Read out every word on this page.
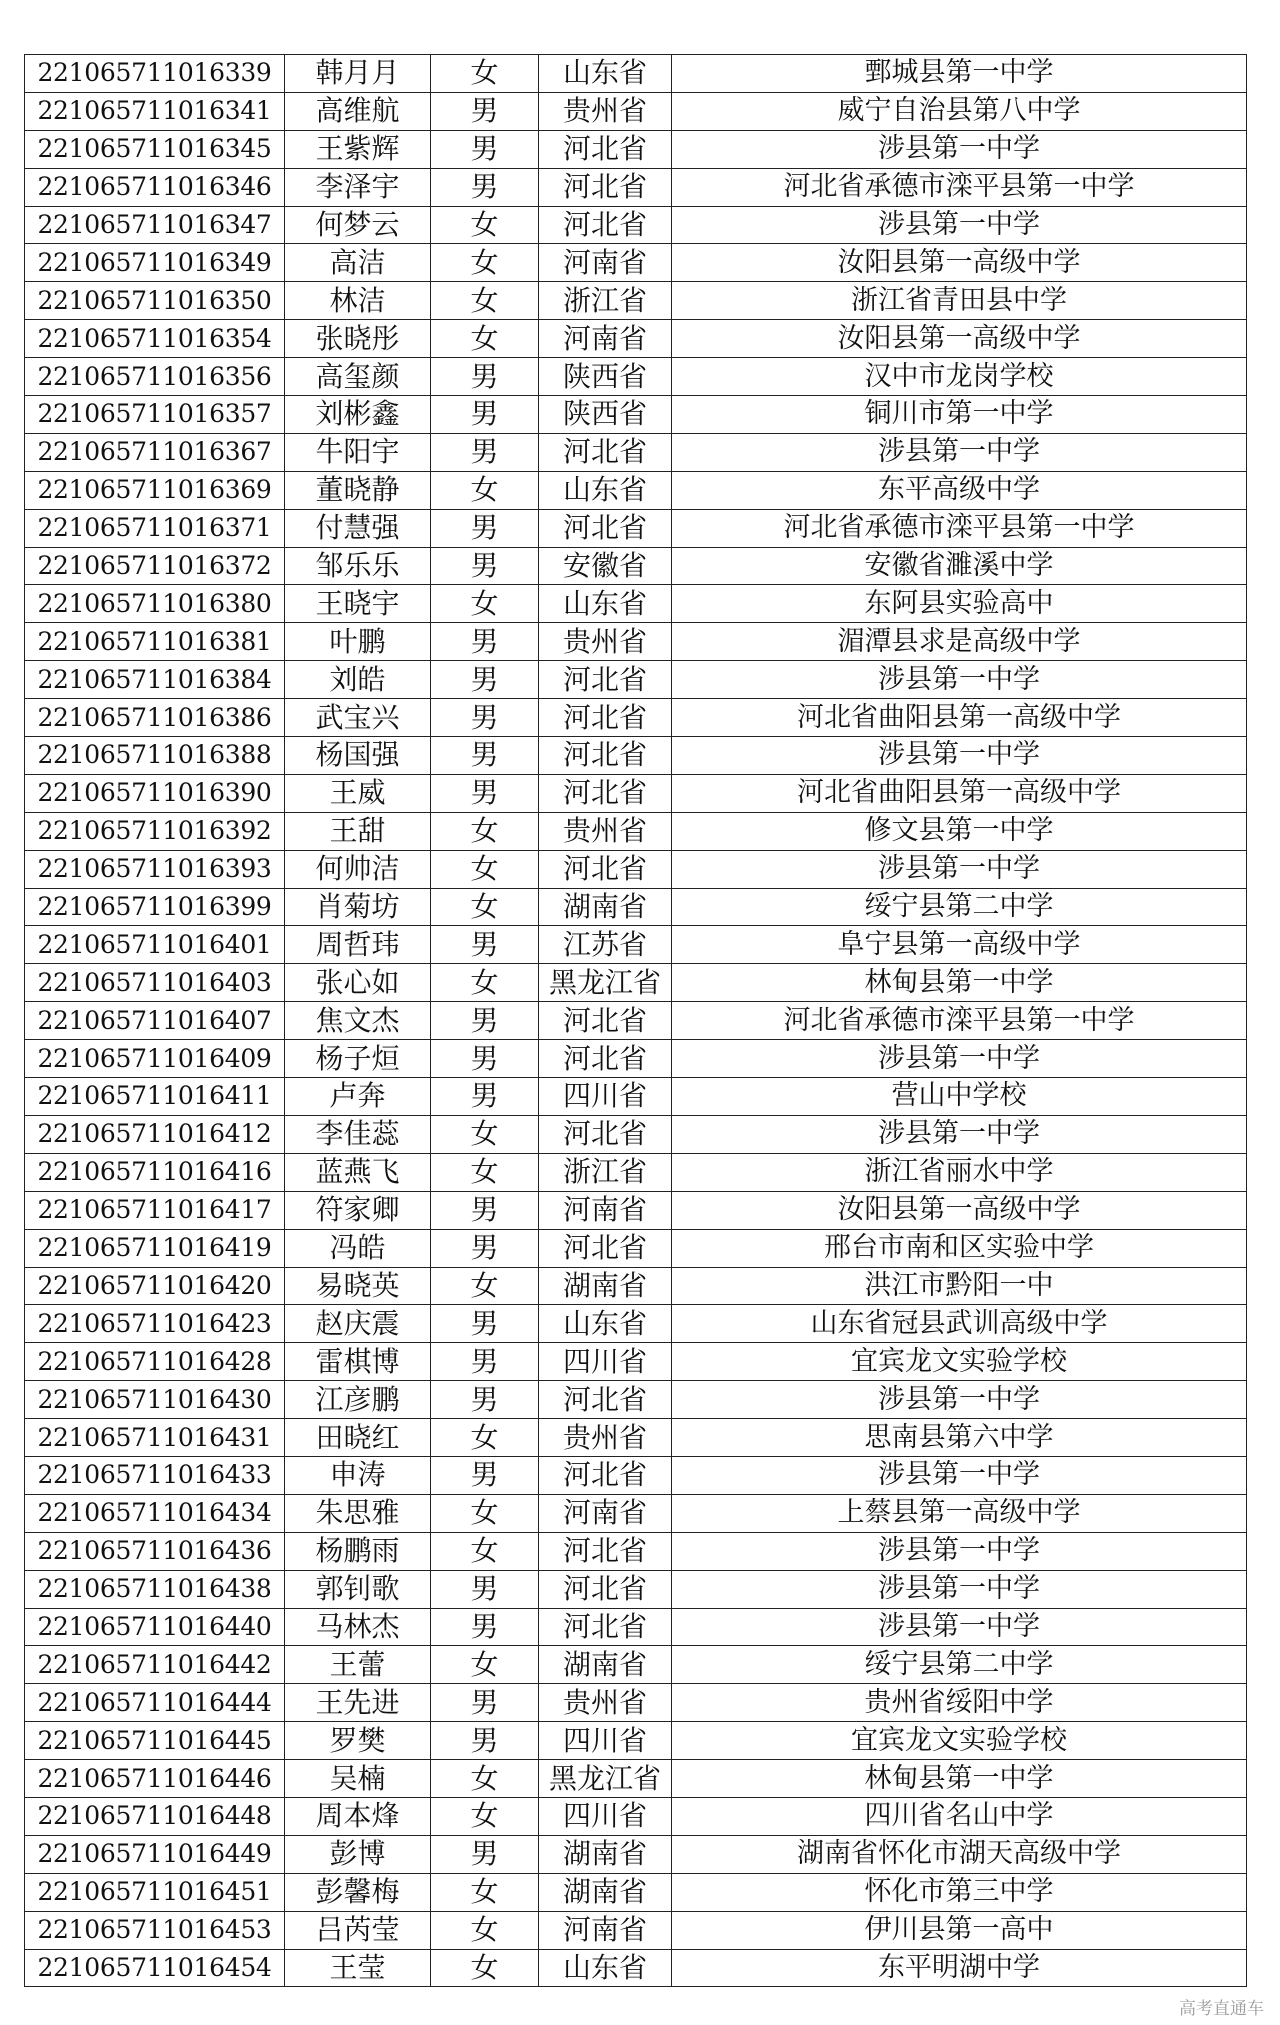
221065711016339	韩月月	女	山东省	鄄城县第一中学
221065711016341	高维航	男	贵州省	威宁自治县第八中学
221065711016345	王紫辉	男	河北省	涉县第一中学
221065711016346	李泽宇	男	河北省	河北省承德市滦平县第一中学
221065711016347	何梦云	女	河北省	涉县第一中学
221065711016349	高洁	女	河南省	汝阳县第一高级中学
221065711016350	林洁	女	浙江省	浙江省青田县中学
221065711016354	张晓彤	女	河南省	汝阳县第一高级中学
221065711016356	高玺颜	男	陕西省	汉中市龙岗学校
221065711016357	刘彬鑫	男	陕西省	铜川市第一中学
221065711016367	牛阳宇	男	河北省	涉县第一中学
221065711016369	董晓静	女	山东省	东平高级中学
221065711016371	付慧强	男	河北省	河北省承德市滦平县第一中学
221065711016372	邹乐乐	男	安徽省	安徽省濉溪中学
221065711016380	王晓宇	女	山东省	东阿县实验高中
221065711016381	叶鹏	男	贵州省	湄潭县求是高级中学
221065711016384	刘皓	男	河北省	涉县第一中学
221065711016386	武宝兴	男	河北省	河北省曲阳县第一高级中学
221065711016388	杨国强	男	河北省	涉县第一中学
221065711016390	王威	男	河北省	河北省曲阳县第一高级中学
221065711016392	王甜	女	贵州省	修文县第一中学
221065711016393	何帅洁	女	河北省	涉县第一中学
221065711016399	肖菊坊	女	湖南省	绥宁县第二中学
221065711016401	周哲玮	男	江苏省	阜宁县第一高级中学
221065711016403	张心如	女	黑龙江省	林甸县第一中学
221065711016407	焦文杰	男	河北省	河北省承德市滦平县第一中学
221065711016409	杨子烜	男	河北省	涉县第一中学
221065711016411	卢奔	男	四川省	营山中学校
221065711016412	李佳蕊	女	河北省	涉县第一中学
221065711016416	蓝燕飞	女	浙江省	浙江省丽水中学
221065711016417	符家卿	男	河南省	汝阳县第一高级中学
221065711016419	冯皓	男	河北省	邢台市南和区实验中学
221065711016420	易晓英	女	湖南省	洪江市黔阳一中
221065711016423	赵庆震	男	山东省	山东省冠县武训高级中学
221065711016428	雷棋博	男	四川省	宜宾龙文实验学校
221065711016430	江彦鹏	男	河北省	涉县第一中学
221065711016431	田晓红	女	贵州省	思南县第六中学
221065711016433	申涛	男	河北省	涉县第一中学
221065711016434	朱思雅	女	河南省	上蔡县第一高级中学
221065711016436	杨鹏雨	女	河北省	涉县第一中学
221065711016438	郭钊歌	男	河北省	涉县第一中学
221065711016440	马林杰	男	河北省	涉县第一中学
221065711016442	王蕾	女	湖南省	绥宁县第二中学
221065711016444	王先进	男	贵州省	贵州省绥阳中学
221065711016445	罗樊	男	四川省	宜宾龙文实验学校
221065711016446	吴楠	女	黑龙江省	林甸县第一中学
221065711016448	周本烽	女	四川省	四川省名山中学
221065711016449	彭博	男	湖南省	湖南省怀化市湖天高级中学
221065711016451	彭馨梅	女	湖南省	怀化市第三中学
221065711016453	吕芮莹	女	河南省	伊川县第一高中
221065711016454	王莹	女	山东省	东平明湖中学
高考直通车
